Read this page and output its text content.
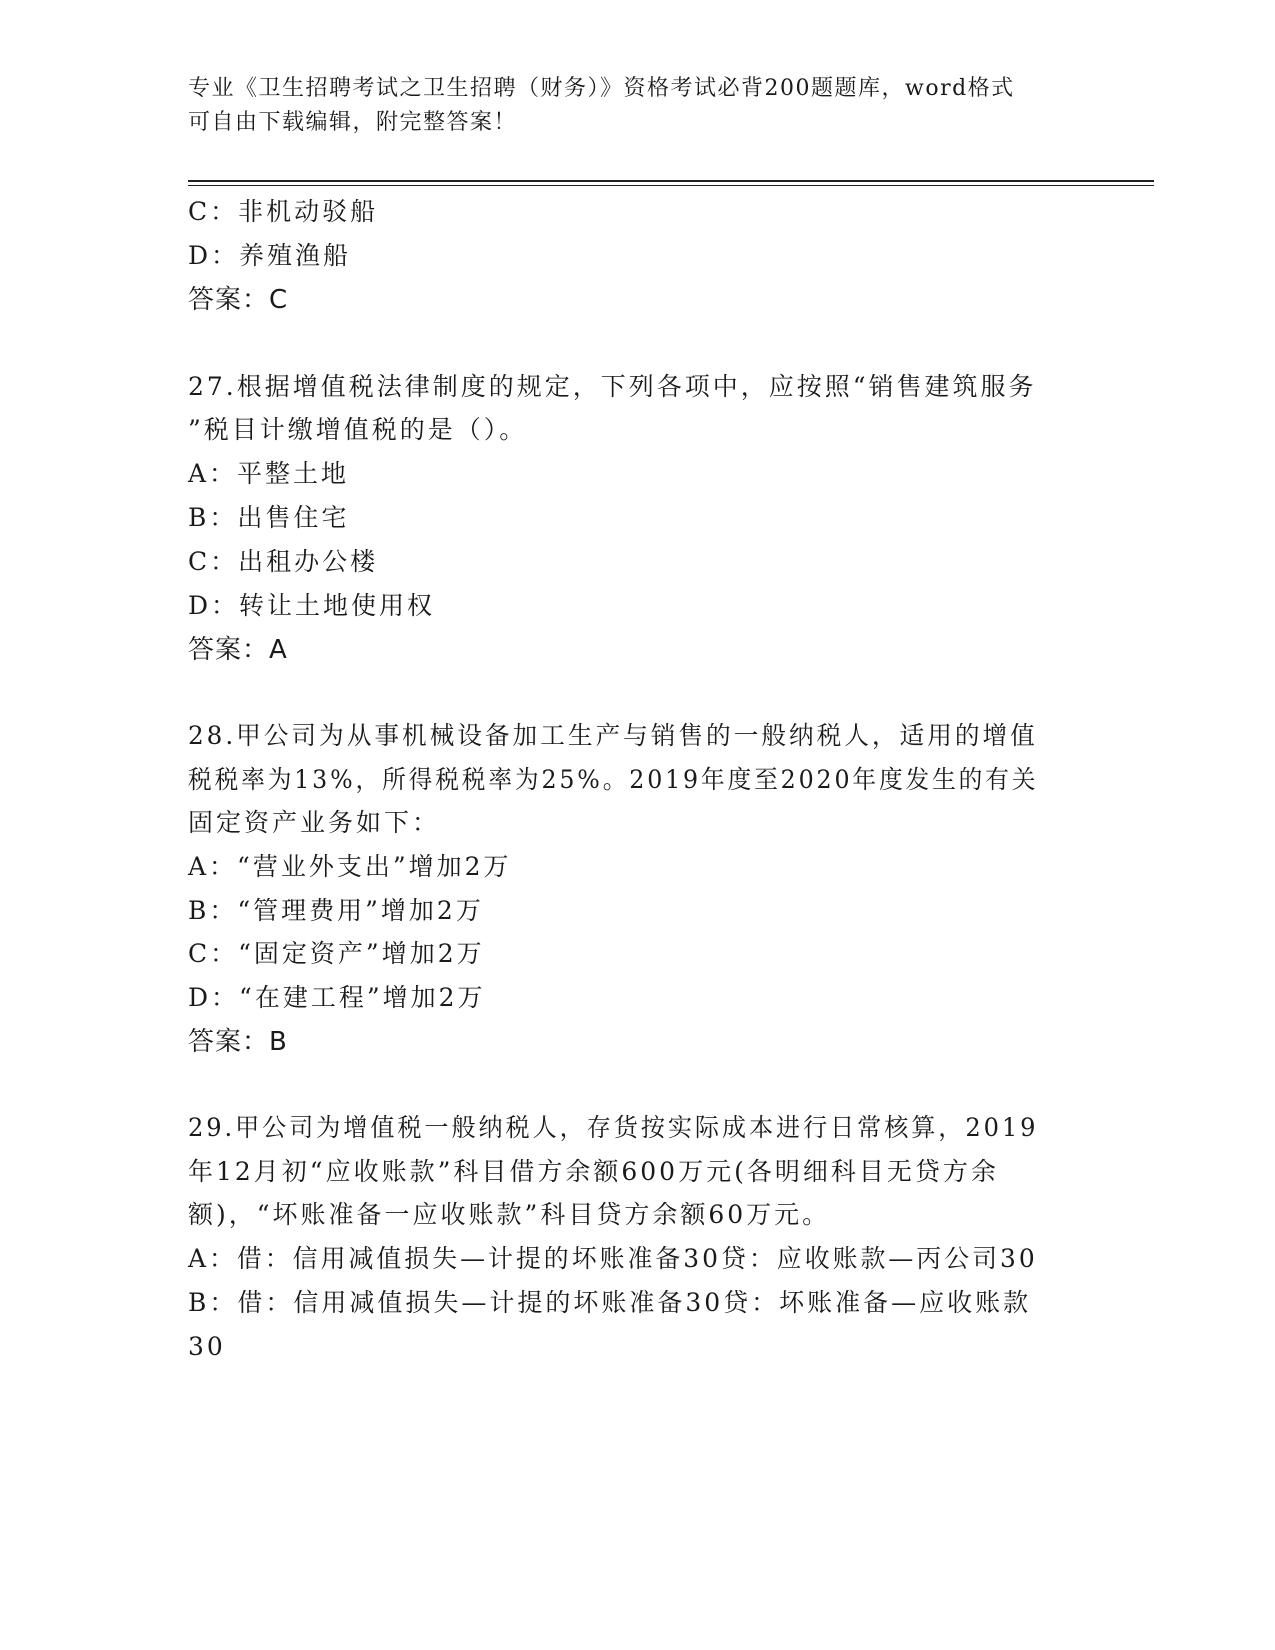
专业《卫生招聘考试之卫生招聘（财务）》资格考试必背200题题库，word格式
可自由下载编辑，附完整答案！
C：非机动驳船
D：养殖渔船
答案：C
27.根据增值税法律制度的规定，下列各项中，应按照“销售建筑服务
”税目计缴增值税的是（）。
A：平整土地
B：出售住宅
C：出租办公楼
D：转让土地使用权
答案：A
28.甲公司为从事机械设备加工生产与销售的一般纳税人，适用的增值
税税率为13%，所得税税率为25%。2019年度至2020年度发生的有关
固定资产业务如下：
A：“营业外支出”增加2万
B：“管理费用”增加2万
C：“固定资产”增加2万
D：“在建工程”增加2万
答案：B
29.甲公司为增值税一般纳税人，存货按实际成本进行日常核算，2019
年12月初“应收账款”科目借方余额600万元(各明细科目无贷方余
额)，“坏账准备一应收账款”科目贷方余额60万元。
A：借：信用减值损失—计提的坏账准备30贷：应收账款—丙公司30
B：借：信用减值损失—计提的坏账准备30贷：坏账准备—应收账款
30
